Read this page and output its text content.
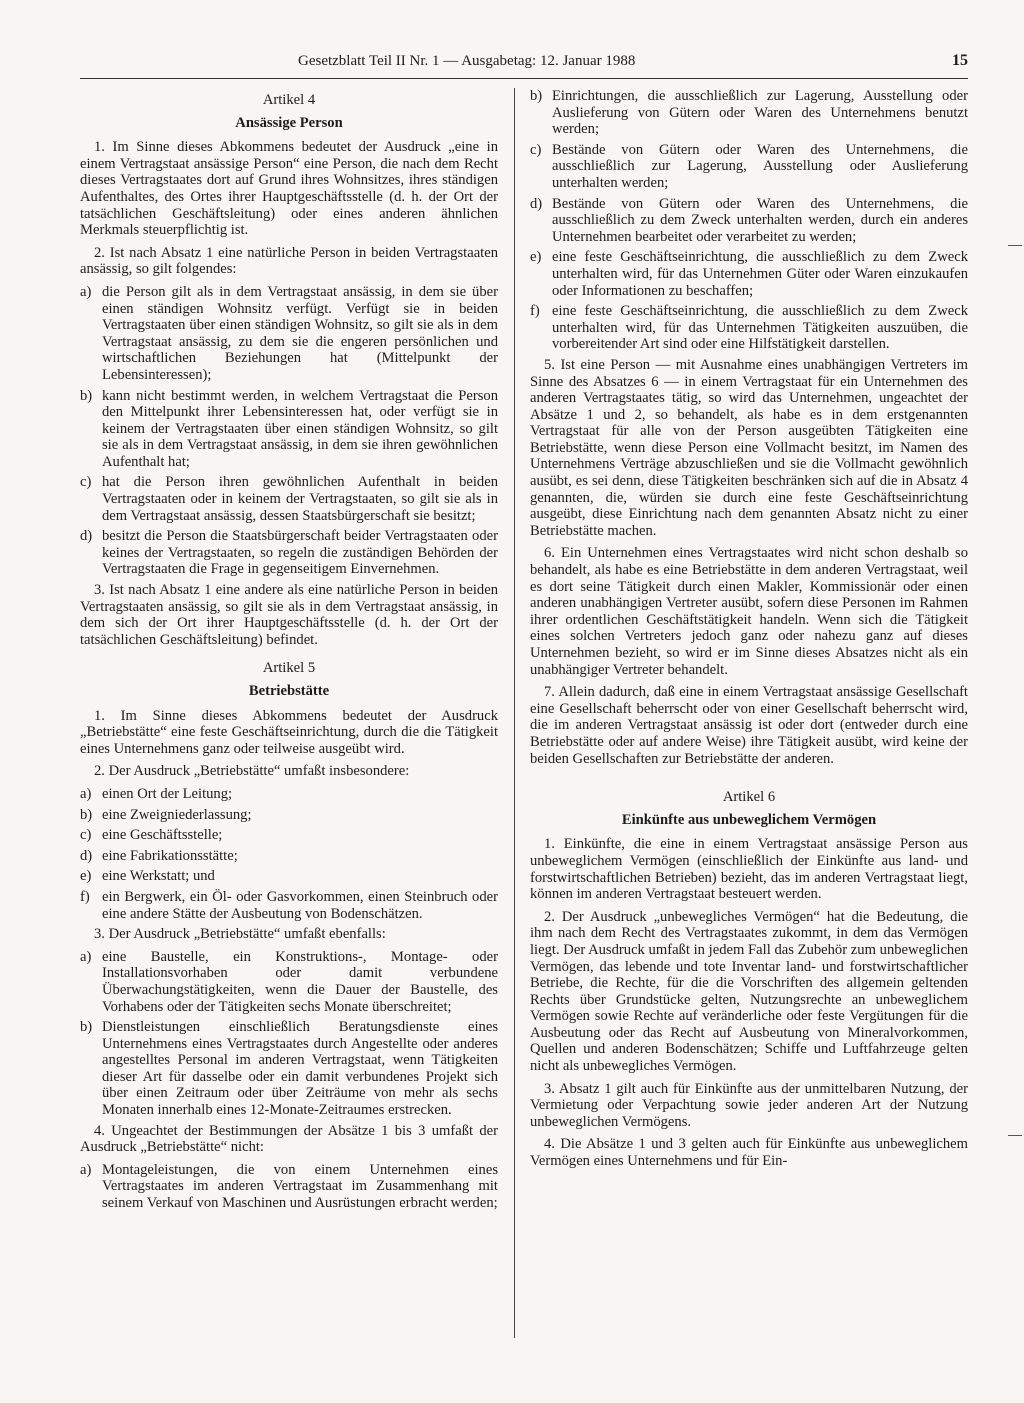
Gesetzblatt Teil II Nr. 1 — Ausgabetag: 12. Januar 1988	15

Artikel 4

Ansässige Person

1. Im Sinne dieses Abkommens bedeutet der Ausdruck „eine in einem Vertragstaat ansässige Person“ eine Person, die nach dem Recht dieses Vertragstaates dort auf Grund ihres Wohnsitzes, ihres ständigen Aufenthaltes, des Ortes ihrer Hauptgeschäftsstelle (d. h. der Ort der tatsächlichen Geschäftsleitung) oder eines anderen ähnlichen Merkmals steuerpflichtig ist.

2. Ist nach Absatz 1 eine natürliche Person in beiden Vertragstaaten ansässig, so gilt folgendes:

a) die Person gilt als in dem Vertragstaat ansässig, in dem sie über einen ständigen Wohnsitz verfügt. Verfügt sie in beiden Vertragstaaten über einen ständigen Wohnsitz, so gilt sie als in dem Vertragstaat ansässig, zu dem sie die engeren persönlichen und wirtschaftlichen Beziehungen hat (Mittelpunkt der Lebensinteressen);
b) kann nicht bestimmt werden, in welchem Vertragstaat die Person den Mittelpunkt ihrer Lebensinteressen hat, oder verfügt sie in keinem der Vertragstaaten über einen ständigen Wohnsitz, so gilt sie als in dem Vertragstaat ansässig, in dem sie ihren gewöhnlichen Aufenthalt hat;
c) hat die Person ihren gewöhnlichen Aufenthalt in beiden Vertragstaaten oder in keinem der Vertragstaaten, so gilt sie als in dem Vertragstaat ansässig, dessen Staatsbürgerschaft sie besitzt;
d) besitzt die Person die Staatsbürgerschaft beider Vertragstaaten oder keines der Vertragstaaten, so regeln die zuständigen Behörden der Vertragstaaten die Frage in gegenseitigem Einvernehmen.

3. Ist nach Absatz 1 eine andere als eine natürliche Person in beiden Vertragstaaten ansässig, so gilt sie als in dem Vertragstaat ansässig, in dem sich der Ort ihrer Hauptgeschäftsstelle (d. h. der Ort der tatsächlichen Geschäftsleitung) befindet.

Artikel 5

Betriebstätte

1. Im Sinne dieses Abkommens bedeutet der Ausdruck „Betriebstätte“ eine feste Geschäftseinrichtung, durch die die Tätigkeit eines Unternehmens ganz oder teilweise ausgeübt wird.

2. Der Ausdruck „Betriebstätte“ umfaßt insbesondere:

a) einen Ort der Leitung;
b) eine Zweigniederlassung;
c) eine Geschäftsstelle;
d) eine Fabrikationsstätte;
e) eine Werkstatt; und
f) ein Bergwerk, ein Öl- oder Gasvorkommen, einen Steinbruch oder eine andere Stätte der Ausbeutung von Bodenschätzen.

3. Der Ausdruck „Betriebstätte“ umfaßt ebenfalls:

a) eine Baustelle, ein Konstruktions-, Montage- oder Installationsvorhaben oder damit verbundene Überwachungstätigkeiten, wenn die Dauer der Baustelle, des Vorhabens oder der Tätigkeiten sechs Monate überschreitet;
b) Dienstleistungen einschließlich Beratungsdienste eines Unternehmens eines Vertragstaates durch Angestellte oder anderes angestelltes Personal im anderen Vertragstaat, wenn Tätigkeiten dieser Art für dasselbe oder ein damit verbundenes Projekt sich über einen Zeitraum oder über Zeiträume von mehr als sechs Monaten innerhalb eines 12-Monate-Zeitraumes erstrecken.

4. Ungeachtet der Bestimmungen der Absätze 1 bis 3 umfaßt der Ausdruck „Betriebstätte“ nicht:

a) Montageleistungen, die von einem Unternehmen eines Vertragstaates im anderen Vertragstaat im Zusammenhang mit seinem Verkauf von Maschinen und Ausrüstungen erbracht werden;
b) Einrichtungen, die ausschließlich zur Lagerung, Ausstellung oder Auslieferung von Gütern oder Waren des Unternehmens benutzt werden;
c) Bestände von Gütern oder Waren des Unternehmens, die ausschließlich zur Lagerung, Ausstellung oder Auslieferung unterhalten werden;
d) Bestände von Gütern oder Waren des Unternehmens, die ausschließlich zu dem Zweck unterhalten werden, durch ein anderes Unternehmen bearbeitet oder verarbeitet zu werden;
e) eine feste Geschäftseinrichtung, die ausschließlich zu dem Zweck unterhalten wird, für das Unternehmen Güter oder Waren einzukaufen oder Informationen zu beschaffen;
f) eine feste Geschäftseinrichtung, die ausschließlich zu dem Zweck unterhalten wird, für das Unternehmen Tätigkeiten auszuüben, die vorbereitender Art sind oder eine Hilfstätigkeit darstellen.

5. Ist eine Person — mit Ausnahme eines unabhängigen Vertreters im Sinne des Absatzes 6 — in einem Vertragstaat für ein Unternehmen des anderen Vertragstaates tätig, so wird das Unternehmen, ungeachtet der Absätze 1 und 2, so behandelt, als habe es in dem erstgenannten Vertragstaat für alle von der Person ausgeübten Tätigkeiten eine Betriebstätte, wenn diese Person eine Vollmacht besitzt, im Namen des Unternehmens Verträge abzuschließen und sie die Vollmacht gewöhnlich ausübt, es sei denn, diese Tätigkeiten beschränken sich auf die in Absatz 4 genannten, die, würden sie durch eine feste Geschäftseinrichtung ausgeübt, diese Einrichtung nach dem genannten Absatz nicht zu einer Betriebstätte machen.

6. Ein Unternehmen eines Vertragstaates wird nicht schon deshalb so behandelt, als habe es eine Betriebstätte in dem anderen Vertragstaat, weil es dort seine Tätigkeit durch einen Makler, Kommissionär oder einen anderen unabhängigen Vertreter ausübt, sofern diese Personen im Rahmen ihrer ordentlichen Geschäftstätigkeit handeln. Wenn sich die Tätigkeit eines solchen Vertreters jedoch ganz oder nahezu ganz auf dieses Unternehmen bezieht, so wird er im Sinne dieses Absatzes nicht als ein unabhängiger Vertreter behandelt.

7. Allein dadurch, daß eine in einem Vertragstaat ansässige Gesellschaft eine Gesellschaft beherrscht oder von einer Gesellschaft beherrscht wird, die im anderen Vertragstaat ansässig ist oder dort (entweder durch eine Betriebstätte oder auf andere Weise) ihre Tätigkeit ausübt, wird keine der beiden Gesellschaften zur Betriebstätte der anderen.

Artikel 6

Einkünfte aus unbeweglichem Vermögen

1. Einkünfte, die eine in einem Vertragstaat ansässige Person aus unbeweglichem Vermögen (einschließlich der Einkünfte aus land- und forstwirtschaftlichen Betrieben) bezieht, das im anderen Vertragstaat liegt, können im anderen Vertragstaat besteuert werden.

2. Der Ausdruck „unbewegliches Vermögen“ hat die Bedeutung, die ihm nach dem Recht des Vertragstaates zukommt, in dem das Vermögen liegt. Der Ausdruck umfaßt in jedem Fall das Zubehör zum unbeweglichen Vermögen, das lebende und tote Inventar land- und forstwirtschaftlicher Betriebe, die Rechte, für die die Vorschriften des allgemein geltenden Rechts über Grundstücke gelten, Nutzungsrechte an unbeweglichem Vermögen sowie Rechte auf veränderliche oder feste Vergütungen für die Ausbeutung oder das Recht auf Ausbeutung von Mineralvorkommen, Quellen und anderen Bodenschätzen; Schiffe und Luftfahrzeuge gelten nicht als unbewegliches Vermögen.

3. Absatz 1 gilt auch für Einkünfte aus der unmittelbaren Nutzung, der Vermietung oder Verpachtung sowie jeder anderen Art der Nutzung unbeweglichen Vermögens.

4. Die Absätze 1 und 3 gelten auch für Einkünfte aus unbeweglichem Vermögen eines Unternehmens und für Ein-
